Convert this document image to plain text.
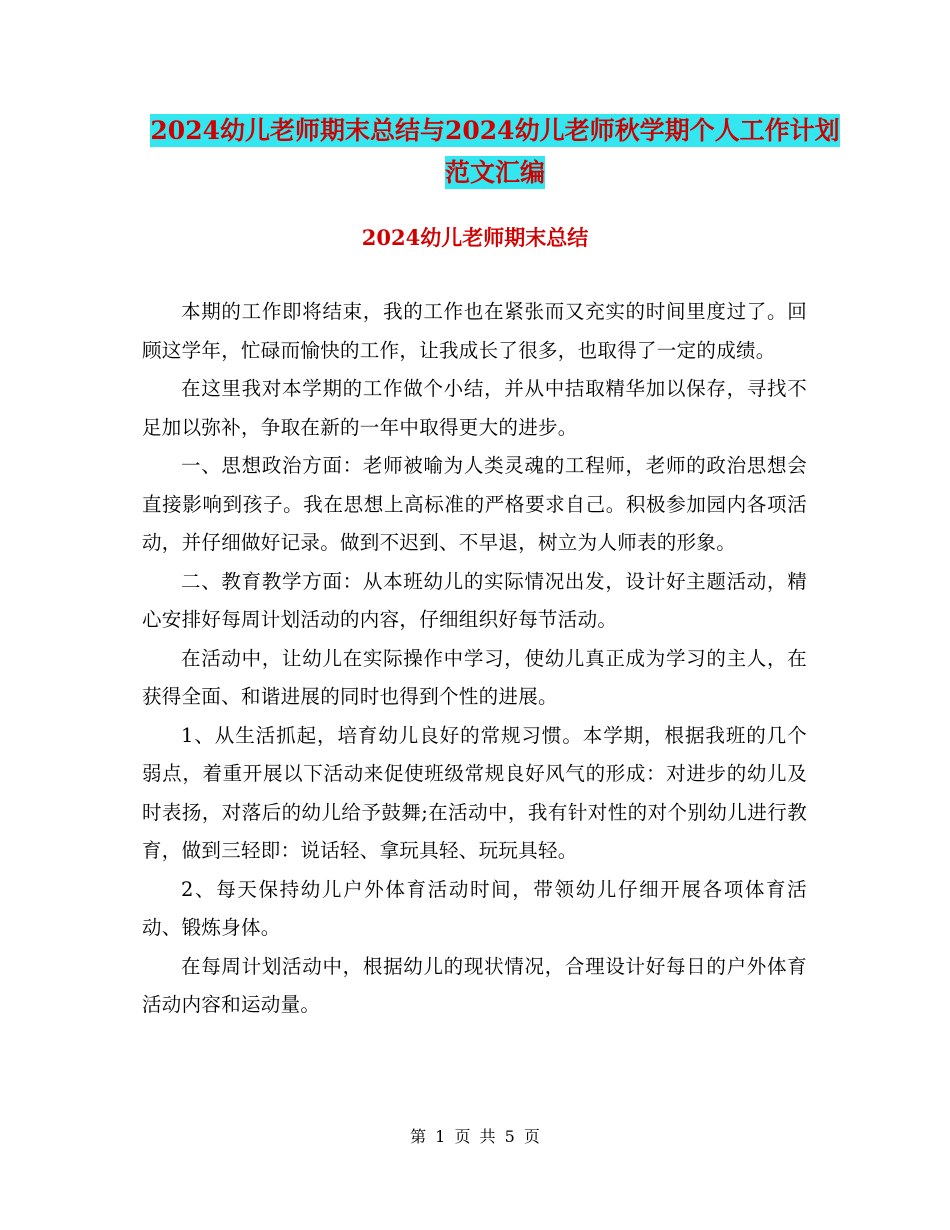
2024幼儿老师期末总结与2024幼儿老师秋学期个人工作计划范文汇编
2024幼儿老师期末总结

本期的工作即将结束，我的工作也在紧张而又充实的时间里度过了。回顾这学年，忙碌而愉快的工作，让我成长了很多，也取得了一定的成绩。

在这里我对本学期的工作做个小结，并从中拮取精华加以保存，寻找不足加以弥补，争取在新的一年中取得更大的进步。

一、思想政治方面：老师被喻为人类灵魂的工程师，老师的政治思想会直接影响到孩子。我在思想上高标准的严格要求自己。积极参加园内各项活动，并仔细做好记录。做到不迟到、不早退，树立为人师表的形象。

二、教育教学方面：从本班幼儿的实际情况出发，设计好主题活动，精心安排好每周计划活动的内容，仔细组织好每节活动。

在活动中，让幼儿在实际操作中学习，使幼儿真正成为学习的主人，在获得全面、和谐进展的同时也得到个性的进展。

1、从生活抓起，培育幼儿良好的常规习惯。本学期，根据我班的几个弱点，着重开展以下活动来促使班级常规良好风气的形成：对进步的幼儿及时表扬，对落后的幼儿给予鼓舞;在活动中，我有针对性的对个别幼儿进行教育，做到三轻即：说话轻、拿玩具轻、玩玩具轻。

2、每天保持幼儿户外体育活动时间，带领幼儿仔细开展各项体育活动、锻炼身体。

在每周计划活动中，根据幼儿的现状情况，合理设计好每日的户外体育活动内容和运动量。

第 1 页 共 5 页
